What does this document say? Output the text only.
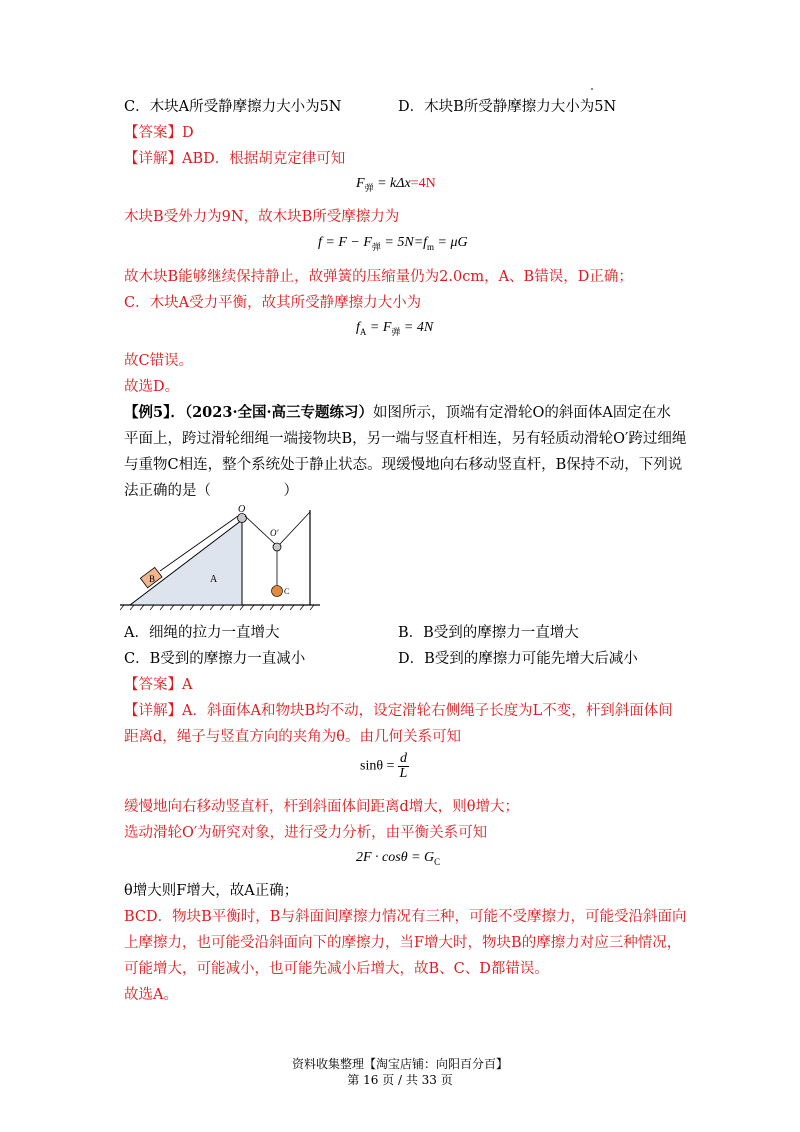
C．木块A所受静摩擦力大小为5N	D．木块B所受静摩擦力大小为5N
【答案】D
【详解】ABD．根据胡克定律可知
$F_弹 = k\Delta x=4N$
木块B受外力为9N，故木块B所受摩擦力为
$f = F - F_弹 = 5N=f_m = \mu G$
故木块B能够继续保持静止，故弹簧的压缩量仍为2.0cm，A、B错误，D正确；
C．木块A受力平衡，故其所受静摩擦力大小为
$f_A = F_弹 = 4N$
故C错误。
故选D。
【例5】．（2023·全国·高三专题练习）如图所示，顶端有定滑轮O的斜面体A固定在水
平面上，跨过滑轮细绳一端接物块B，另一端与竖直杆相连，另有轻质动滑轮O′跨过细绳
与重物C相连，整个系统处于静止状态。现缓慢地向右移动竖直杆，B保持不动，下列说
法正确的是（　　　　　）
O
O′
B	A
C
A．细绳的拉力一直增大	B．B受到的摩擦力一直增大
C．B受到的摩擦力一直减小	D．B受到的摩擦力可能先增大后减小
【答案】A
【详解】A．斜面体A和物块B均不动，设定滑轮右侧绳子长度为L不变，杆到斜面体间
距离d，绳子与竖直方向的夹角为θ。由几何关系可知
$\sin\theta = \frac{d}{L}$
缓慢地向右移动竖直杆，杆到斜面体间距离d增大，则θ增大；
选动滑轮O′为研究对象，进行受力分析，由平衡关系可知
$2F \cdot \cos\theta = G_C$
θ增大则F增大，故A正确；
BCD．物块B平衡时，B与斜面间摩擦力情况有三种，可能不受摩擦力，可能受沿斜面向
上摩擦力，也可能受沿斜面向下的摩擦力，当F增大时，物块B的摩擦力对应三种情况，
可能增大，可能减小，也可能先减小后增大，故B、C、D都错误。
故选A。
资料收集整理【淘宝店铺：向阳百分百】
第 16 页 / 共 33 页
